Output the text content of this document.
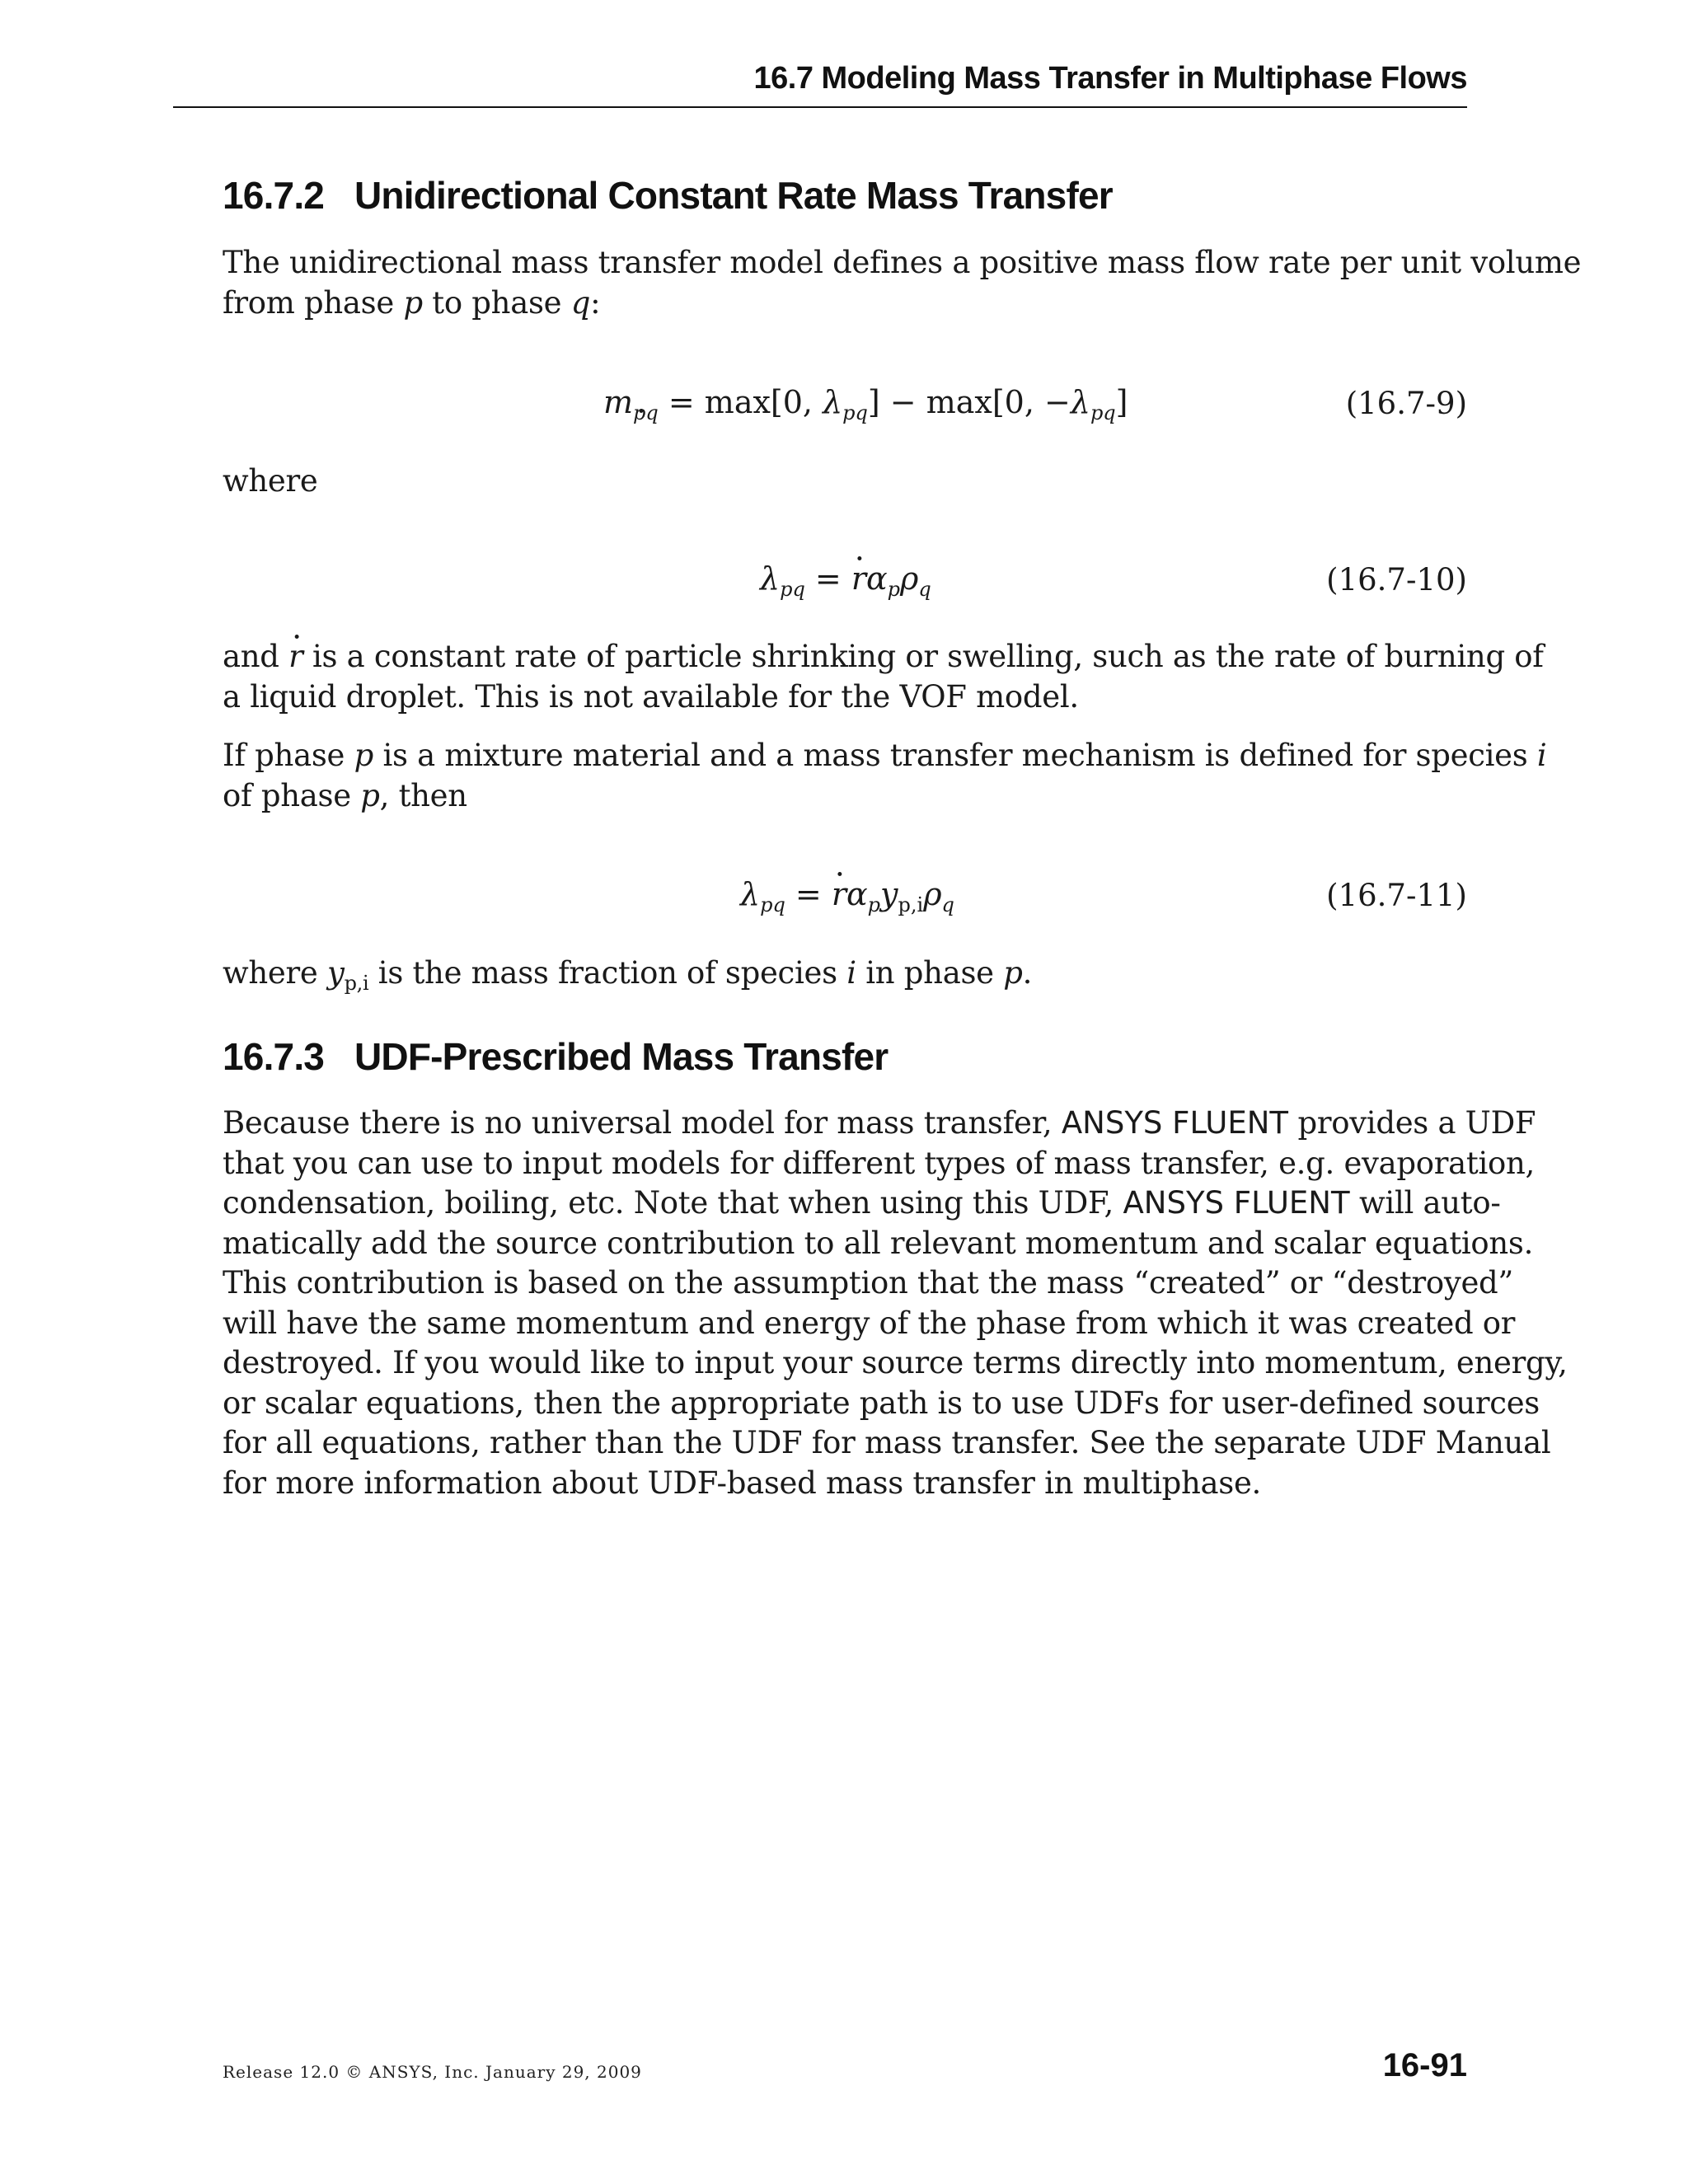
16.7 Modeling Mass Transfer in Multiphase Flows
16.7.2 Unidirectional Constant Rate Mass Transfer
The unidirectional mass transfer model defines a positive mass flow rate per unit volume
from phase p to phase q:
$m_{pq} = \max[0$, $\lambda_{pq}] - \max[0$, $-\lambda_{pq}$]	(16.7-9)
where
$\lambda_{pq} = r \cdot\alpha_p\rho_q$	(16.7-10)
and r · is a constant rate of particle shrinking or swelling, such as the rate of burning of
a liquid droplet. This is not available for the VOF model.
If phase p is a mixture material and a mass transfer mechanism is defined for species i
of phase p, then
$\lambda_{pq} = r \cdot\alpha_py_{p,i}\rho_q$	(16.7-11)
where $y_{p,i}$ is the mass fraction of species i in phase p.
16.7.3 UDF-Prescribed Mass Transfer
Because there is no universal model for mass transfer, ANSYS FLUENT provides a UDF
that you can use to input models for different types of mass transfer, e.g. evaporation,
condensation, boiling, etc. Note that when using this UDF, ANSYS FLUENT will auto-
matically add the source contribution to all relevant momentum and scalar equations.
This contribution is based on the assumption that the mass “created” or “destroyed”
will have the same momentum and energy of the phase from which it was created or
destroyed. If you would like to input your source terms directly into momentum, energy,
or scalar equations, then the appropriate path is to use UDFs for user-defined sources
for all equations, rather than the UDF for mass transfer. See the separate UDF Manual
for more information about UDF-based mass transfer in multiphase.
Release 12.0 © ANSYS, Inc. January 29, 2009	16-91
